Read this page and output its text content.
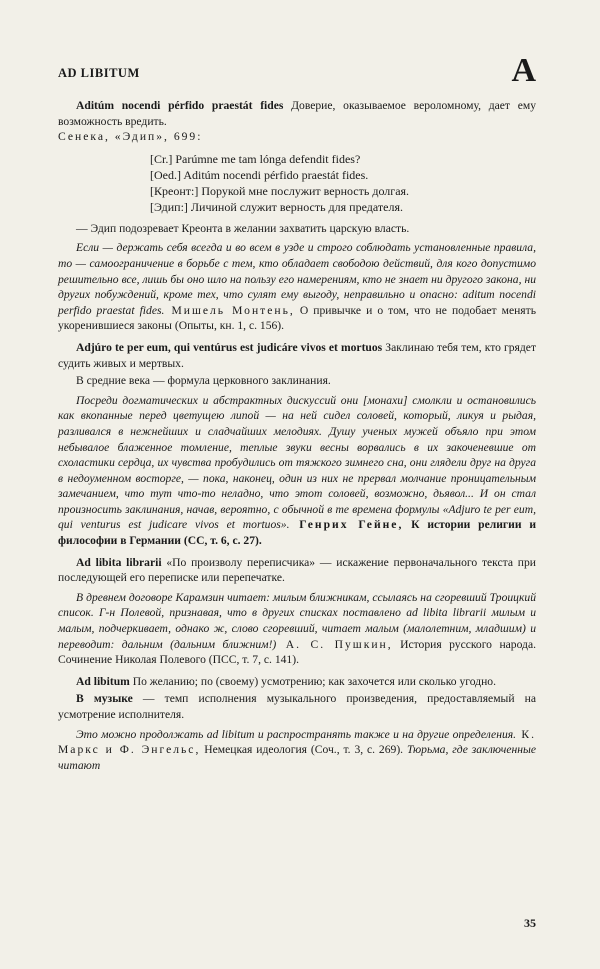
AD LIBITUM	A

Aditúm nocendi pérfido praestát fides Доверие, оказываемое вероломному, дает ему возможность вредить.

Сенека, «Эдип», 699:

[Cr.] Parúmne me tam lónga defendit fides?
[Oed.] Aditúm nocendi pérfido praestát fides.
[Креонт:] Порукой мне послужит верность долгая.
[Эдип:] Личиной служит верность для предателя.

— Эдип подозревает Креонта в желании захватить царскую власть.

Если — держать себя всегда и во всем в узде и строго соблюдать установленные правила, то — самоограничение в борьбе с тем, кто обладает свободою действий, для кого допустимо решительно все, лишь бы оно шло на пользу его намерениям, кто не знает ни другого закона, ни других побуждений, кроме тех, что сулят ему выгоду, неправильно и опасно: aditum nocendi perfido praestat fides. Мишель Монтень, О привычке и о том, что не подобает менять укоренившиеся законы (Опыты, кн. 1, с. 156).

Adjúro te per eum, qui ventúrus est judicáre vivos et mortuos Заклинаю тебя тем, кто грядет судить живых и мертвых.

В средние века — формула церковного заклинания.

Посреди догматических и абстрактных дискуссий они [монахи] смолкли и остановились как вкопанные перед цветущею липой — на ней сидел соловей, который, ликуя и рыдая, разливался в нежнейших и сладчайших мелодиях. Душу ученых мужей объяло при этом небывалое блаженное томление, теплые звуки весны ворвались в их закоченевшие от схоластики сердца, их чувства пробудились от тяжкого зимнего сна, они глядели друг на друга в недоуменном восторге, — пока, наконец, один из них не прервал молчание проницательным замечанием, что тут что-то неладно, что этот соловей, возможно, дьявол... И он стал произносить заклинания, начав, вероятно, с обычной в те времена формулы «Adjuro te per eum, qui venturus est judicare vivos et mortuos». Генрих Гейне, К истории религии и философии в Германии (СС, т. 6, с. 27).

Ad libita librarii «По произволу переписчика» — искажение первоначального текста при последующей его переписке или перепечатке.

В древнем договоре Карамзин читает: милым ближникам, ссылаясь на сгоревший Троицкий список. Г-н Полевой, признавая, что в других списках поставлено ad libita librarii милым и малым, подчеркивает, однако ж, слово сгоревший, читает малым (малолетним, младшим) и переводит: дальним (дальним ближним!) А. С. Пушкин, История русского народа. Сочинение Николая Полевого (ПСС, т. 7, с. 141).

Ad libitum По желанию; по (своему) усмотрению; как захочется или сколько угодно.

В музыке — темп исполнения музыкального произведения, предоставляемый на усмотрение исполнителя.

Это можно продолжать ad libitum и распространять также и на другие определения. К. Маркс и Ф. Энгельс, Немецкая идеология (Соч., т. 3, с. 269). Тюрьма, где заключенные читают

35
